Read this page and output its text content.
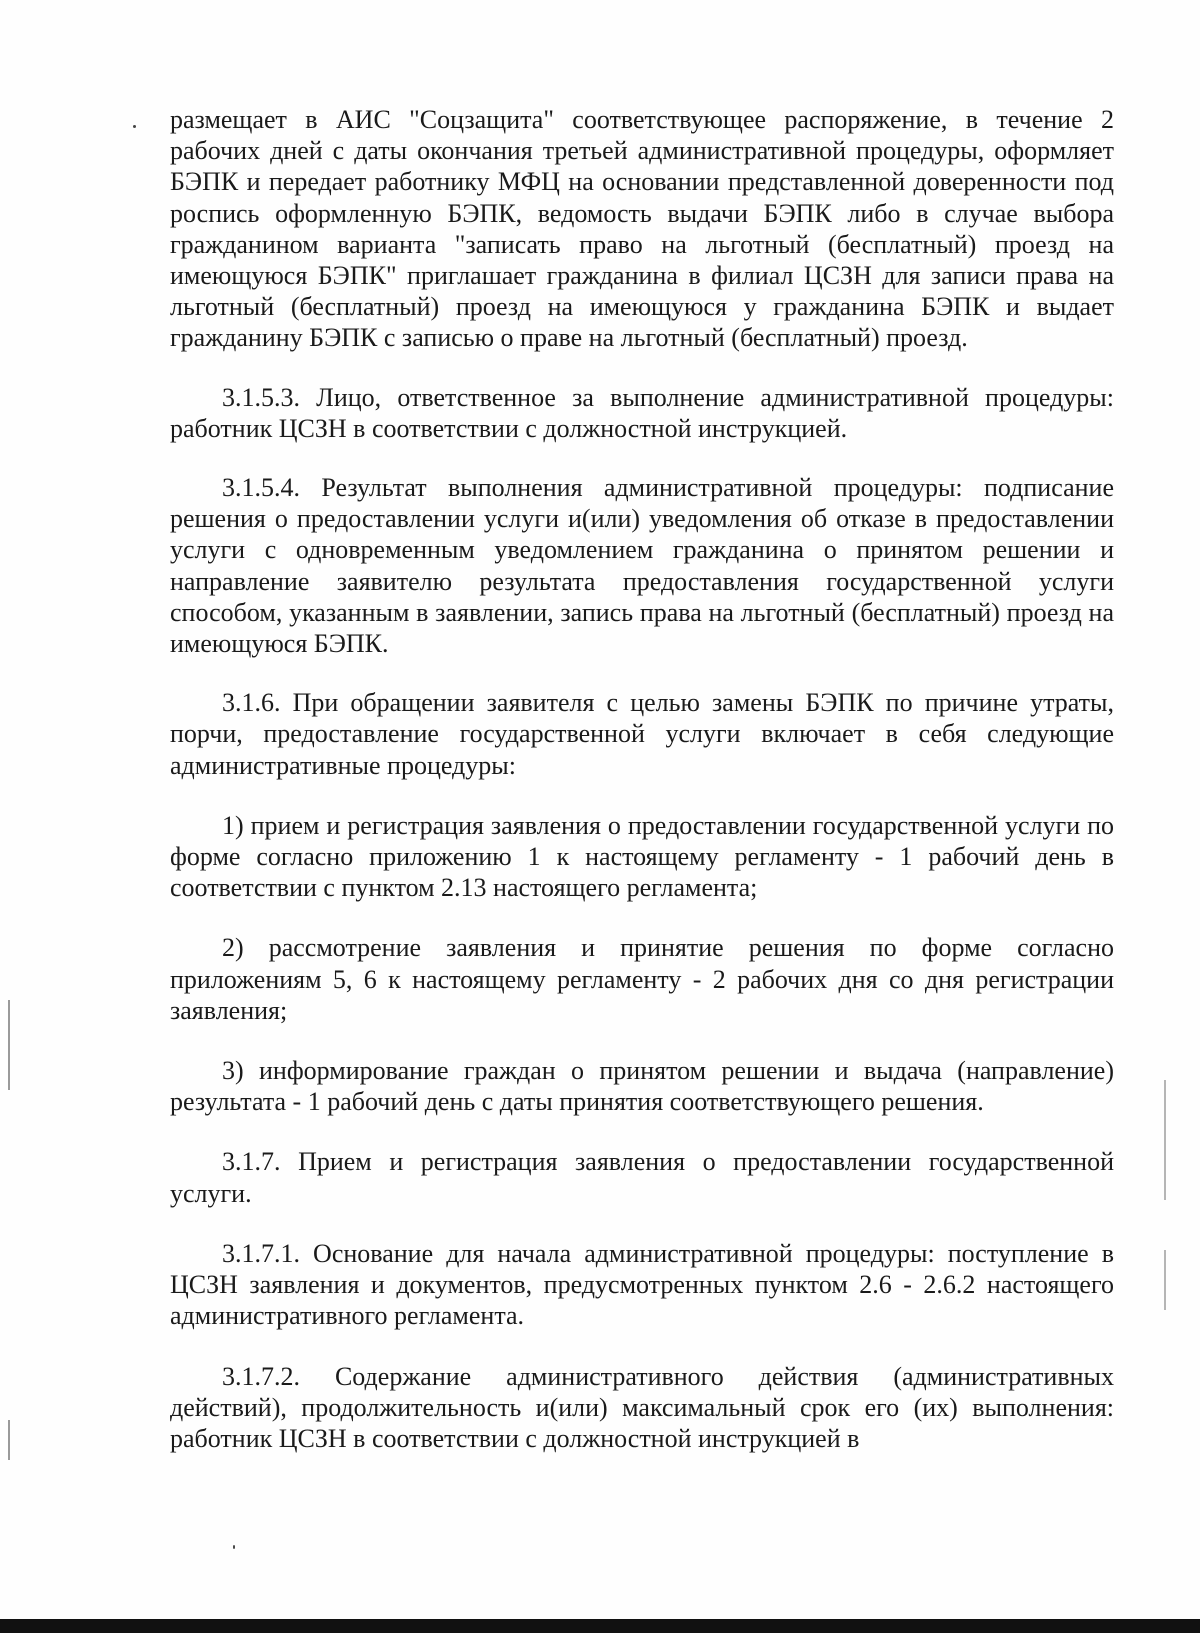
размещает в АИС "Соцзащита" соответствующее распоряжение, в течение 2 рабочих дней с даты окончания третьей административной процедуры, оформляет БЭПК и передает работнику МФЦ на основании представленной доверенности под роспись оформленную БЭПК, ведомость выдачи БЭПК либо в случае выбора гражданином варианта "записать право на льготный (бесплатный) проезд на имеющуюся БЭПК" приглашает гражданина в филиал ЦСЗН для записи права на льготный (бесплатный) проезд на имеющуюся у гражданина БЭПК и выдает гражданину БЭПК с записью о праве на льготный (бесплатный) проезд.

3.1.5.3. Лицо, ответственное за выполнение административной процедуры: работник ЦСЗН в соответствии с должностной инструкцией.

3.1.5.4. Результат выполнения административной процедуры: подписание решения о предоставлении услуги и(или) уведомления об отказе в предоставлении услуги с одновременным уведомлением гражданина о принятом решении и направление заявителю результата предоставления государственной услуги способом, указанным в заявлении, запись права на льготный (бесплатный) проезд на имеющуюся БЭПК.

3.1.6. При обращении заявителя с целью замены БЭПК по причине утраты, порчи, предоставление государственной услуги включает в себя следующие административные процедуры:

1) прием и регистрация заявления о предоставлении государственной услуги по форме согласно приложению 1 к настоящему регламенту - 1 рабочий день в соответствии с пунктом 2.13 настоящего регламента;

2) рассмотрение заявления и принятие решения по форме согласно приложениям 5, 6 к настоящему регламенту - 2 рабочих дня со дня регистрации заявления;

3) информирование граждан о принятом решении и выдача (направление) результата - 1 рабочий день с даты принятия соответствующего решения.

3.1.7. Прием и регистрация заявления о предоставлении государственной услуги.

3.1.7.1. Основание для начала административной процедуры: поступление в ЦСЗН заявления и документов, предусмотренных пунктом 2.6 - 2.6.2 настоящего административного регламента.

3.1.7.2. Содержание административного действия (административных действий), продолжительность и(или) максимальный срок его (их) выполнения: работник ЦСЗН в соответствии с должностной инструкцией в
